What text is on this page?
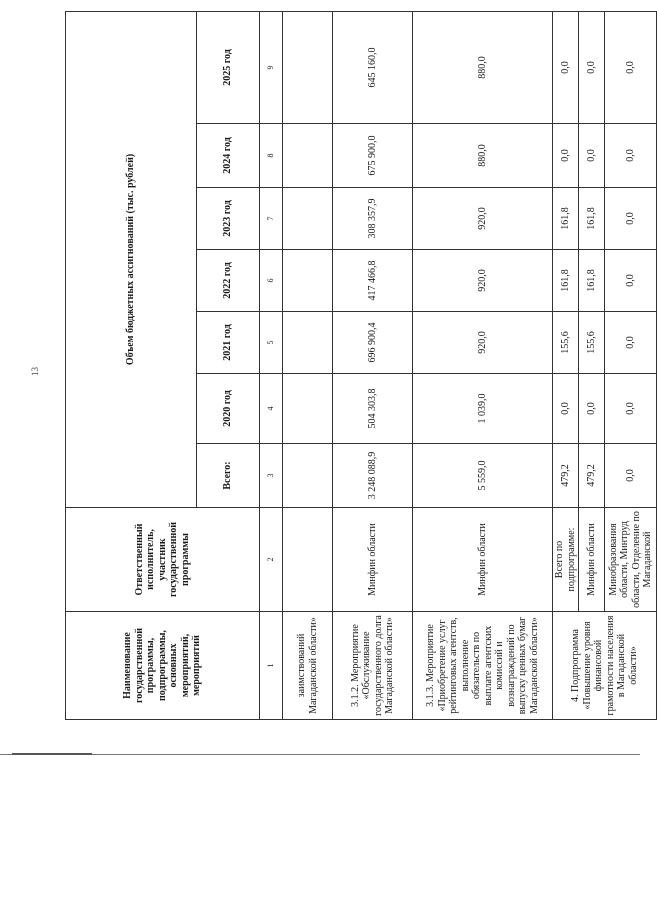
13
Наименование государственной программы, подпрограммы, основных мероприятий, мероприятий	Ответственный исполнитель, участник государственной программы	Объем бюджетных ассигнований (тыс. рублей)						
		Всего:	2020 год	2021 год	2022 год	2023 год	2024 год	2025 год
1	2	3	4	5	6	7	8	9
заимствований Магаданской области»								
3.1.2. Мероприятие «Обслуживание государственного долга Магаданской области»	Минфин области	3 248 088,9	504 303,8	696 900,4	417 466,8	308 357,9	675 900,0	645 160,0
3.1.3. Мероприятие «Приобретение услуг рейтинговых агентств, выполнение обязательств по выплате агентских комиссий и вознаграждений по выпуску ценных бумаг Магаданской области»	Минфин области	5 559,0	1 039,0	920,0	920,0	920,0	880,0	880,0
4. Подпрограмма «Повышение уровня финансовой грамотности населения в Магаданской области»	Всего по подпрограмме:	479,2	0,0	155,6	161,8	161,8	0,0	0,0
	Минфин области	479,2	0,0	155,6	161,8	161,8	0,0	0,0
	Минобразования области, Минтруд области, Отделение по Магаданской	0,0	0,0	0,0	0,0	0,0	0,0	0,0
